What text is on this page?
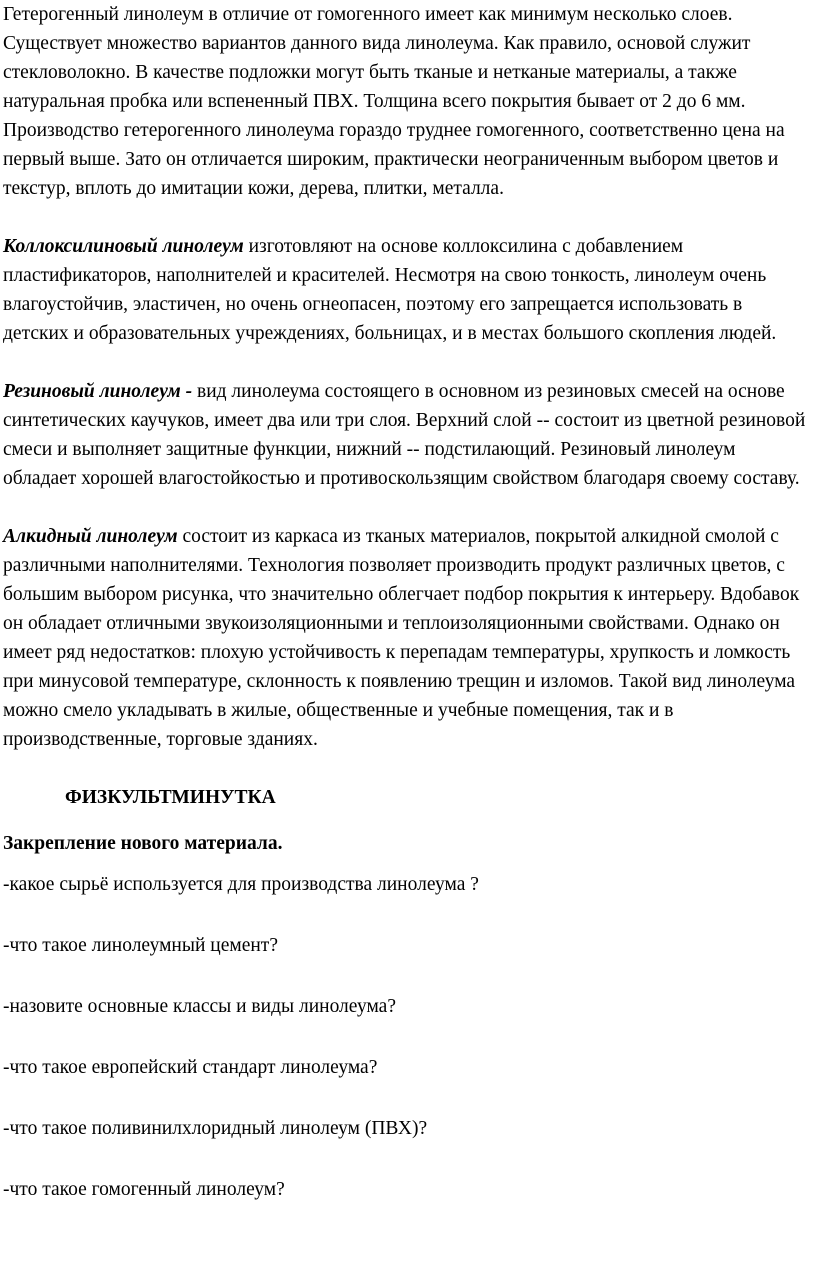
Гетерогенный линолеум в отличие от гомогенного имеет как минимум несколько слоев. Существует множество вариантов данного вида линолеума. Как правило, основой служит стекловолокно. В качестве подложки могут быть тканые и нетканые материалы, а также натуральная пробка или вспененный ПВХ. Толщина всего покрытия бывает от 2 до 6 мм. Производство гетерогенного линолеума гораздо труднее гомогенного, соответственно цена на первый выше. Зато он отличается широким, практически неограниченным выбором цветов и текстур, вплоть до имитации кожи, дерева, плитки, металла.

Коллоксилиновый линолеум изготовляют на основе коллоксилина с добавлением пластификаторов, наполнителей и красителей. Несмотря на свою тонкость, линолеум очень влагоустойчив, эластичен, но очень огнеопасен, поэтому его запрещается использовать в детских и образовательных учреждениях, больницах, и в местах большого скопления людей.

Резиновый линолеум - вид линолеума состоящего в основном из резиновых смесей на основе синтетических каучуков, имеет два или три слоя. Верхний слой -- состоит из цветной резиновой смеси и выполняет защитные функции, нижний -- подстилающий. Резиновый линолеум обладает хорошей влагостойкостью и противоскользящим свойством благодаря своему составу.

Алкидный линолеум состоит из каркаса из тканых материалов, покрытой алкидной смолой с различными наполнителями. Технология позволяет производить продукт различных цветов, с большим выбором рисунка, что значительно облегчает подбор покрытия к интерьеру. Вдобавок он обладает отличными звукоизоляционными и теплоизоляционными свойствами. Однако он имеет ряд недостатков: плохую устойчивость к перепадам температуры, хрупкость и ломкость при минусовой температуре, склонность к появлению трещин и изломов. Такой вид линолеума можно смело укладывать в жилые, общественные и учебные помещения, так и в производственные, торговые зданиях.

ФИЗКУЛЬТМИНУТКА

Закрепление нового материала.

-какое сырьё используется для производства линолеума ?

-что такое линолеумный цемент?

-назовите основные классы и виды линолеума?

-что такое европейский стандарт линолеума?

-что такое поливинилхлоридный линолеум (ПВХ)?

-что такое гомогенный линолеум?
